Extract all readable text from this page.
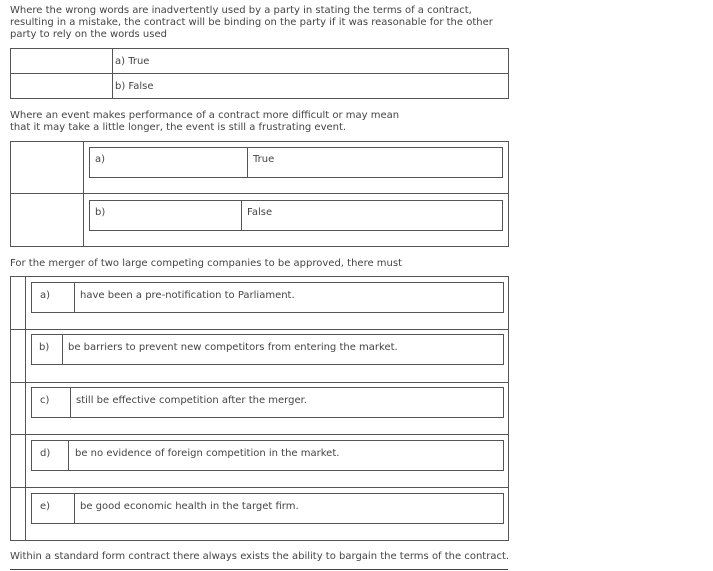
Where the wrong words are inadvertently used by a party in stating the terms of a contract, resulting in a mistake, the contract will be binding on the party if it was reasonable for the other party to rely on the words used

a) True
b) False

Where an event makes performance of a contract more difficult or may mean that it may take a little longer, the event is still a frustrating event.

a)	True
b)	False

For the merger of two large competing companies to be approved, there must

a)	have been a pre-notification to Parliament.
b) be barriers to prevent new competitors from entering the market.
c)	still be effective competition after the merger.
d) be no evidence of foreign competition in the market.
e)	be good economic health in the target firm.

Within a standard form contract there always exists the ability to bargain the terms of the contract.
